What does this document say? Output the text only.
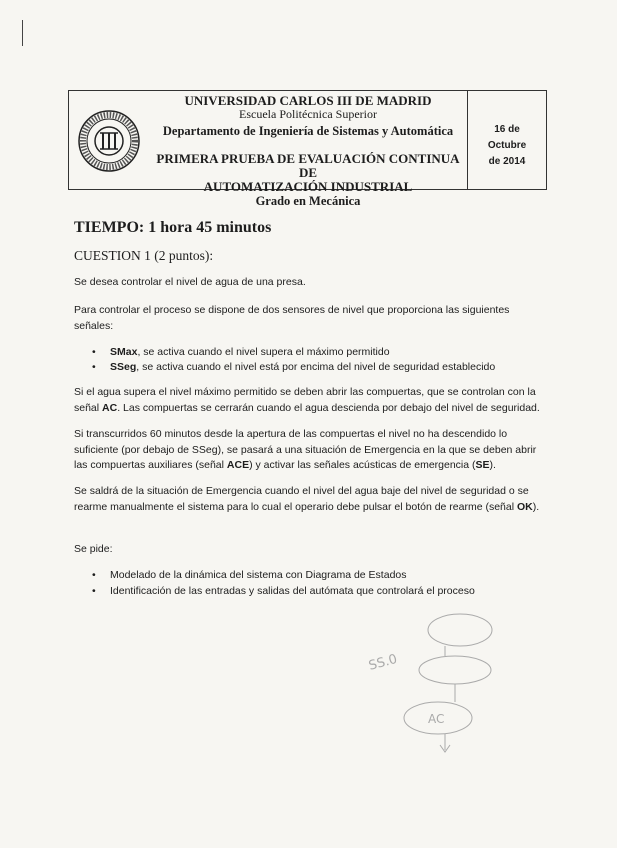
UNIVERSIDAD CARLOS III DE MADRID
Escuela Politécnica Superior
Departamento de Ingeniería de Sistemas y Automática
PRIMERA PRUEBA DE EVALUACIÓN CONTINUA DE
AUTOMATIZACIÓN INDUSTRIAL
Grado en Mecánica
16 de
Octubre
de 2014
TIEMPO: 1 hora 45 minutos
CUESTION 1 (2 puntos):

Se desea controlar el nivel de agua de una presa.

Para controlar el proceso se dispone de dos sensores de nivel que proporciona las siguientes señales:

• SMax, se activa cuando el nivel supera el máximo permitido
• SSeg, se activa cuando el nivel está por encima del nivel de seguridad establecido

Si el agua supera el nivel máximo permitido se deben abrir las compuertas, que se controlan con la señal AC. Las compuertas se cerrarán cuando el agua descienda por debajo del nivel de seguridad.

Si transcurridos 60 minutos desde la apertura de las compuertas el nivel no ha descendido lo suficiente (por debajo de SSeg), se pasará a una situación de Emergencia en la que se deben abrir las compuertas auxiliares (señal ACE) y activar las señales acústicas de emergencia (SE).

Se saldrá de la situación de Emergencia cuando el nivel del agua baje del nivel de seguridad o se rearme manualmente el sistema para lo cual el operario debe pulsar el botón de rearme (señal OK).

Se pide:

• Modelado de la dinámica del sistema con Diagrama de Estados
• Identificación de las entradas y salidas del autómata que controlará el proceso
SS.0
AC
